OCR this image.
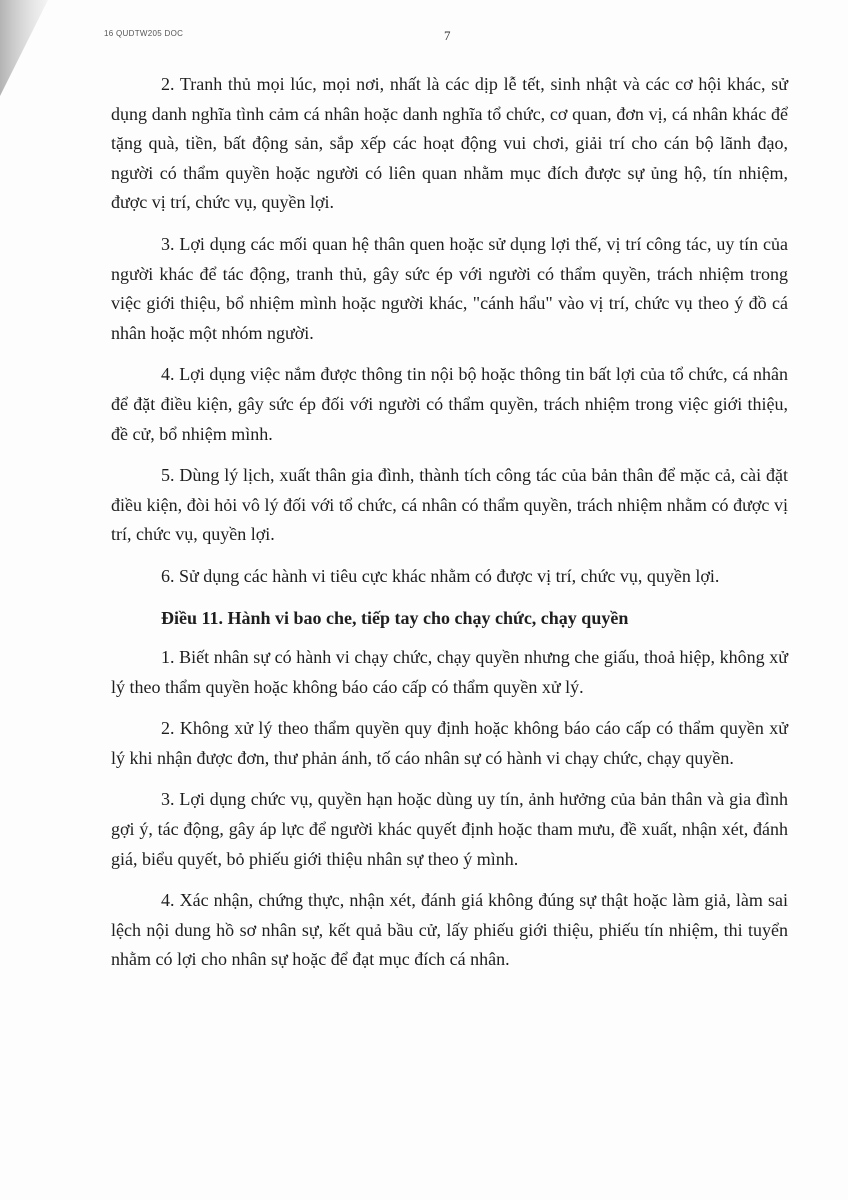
16 QUDTW205 DOC	7

2. Tranh thủ mọi lúc, mọi nơi, nhất là các dịp lễ tết, sinh nhật và các cơ hội khác, sử dụng danh nghĩa tình cảm cá nhân hoặc danh nghĩa tổ chức, cơ quan, đơn vị, cá nhân khác để tặng quà, tiền, bất động sản, sắp xếp các hoạt động vui chơi, giải trí cho cán bộ lãnh đạo, người có thẩm quyền hoặc người có liên quan nhằm mục đích được sự ủng hộ, tín nhiệm, được vị trí, chức vụ, quyền lợi.

3. Lợi dụng các mối quan hệ thân quen hoặc sử dụng lợi thế, vị trí công tác, uy tín của người khác để tác động, tranh thủ, gây sức ép với người có thẩm quyền, trách nhiệm trong việc giới thiệu, bổ nhiệm mình hoặc người khác, "cánh hẩu" vào vị trí, chức vụ theo ý đồ cá nhân hoặc một nhóm người.

4. Lợi dụng việc nắm được thông tin nội bộ hoặc thông tin bất lợi của tổ chức, cá nhân để đặt điều kiện, gây sức ép đối với người có thẩm quyền, trách nhiệm trong việc giới thiệu, đề cử, bổ nhiệm mình.

5. Dùng lý lịch, xuất thân gia đình, thành tích công tác của bản thân để mặc cả, cài đặt điều kiện, đòi hỏi vô lý đối với tổ chức, cá nhân có thẩm quyền, trách nhiệm nhằm có được vị trí, chức vụ, quyền lợi.

6. Sử dụng các hành vi tiêu cực khác nhằm có được vị trí, chức vụ, quyền lợi.

Điều 11. Hành vi bao che, tiếp tay cho chạy chức, chạy quyền

1. Biết nhân sự có hành vi chạy chức, chạy quyền nhưng che giấu, thoả hiệp, không xử lý theo thẩm quyền hoặc không báo cáo cấp có thẩm quyền xử lý.

2. Không xử lý theo thẩm quyền quy định hoặc không báo cáo cấp có thẩm quyền xử lý khi nhận được đơn, thư phản ánh, tố cáo nhân sự có hành vi chạy chức, chạy quyền.

3. Lợi dụng chức vụ, quyền hạn hoặc dùng uy tín, ảnh hưởng của bản thân và gia đình gợi ý, tác động, gây áp lực để người khác quyết định hoặc tham mưu, đề xuất, nhận xét, đánh giá, biểu quyết, bỏ phiếu giới thiệu nhân sự theo ý mình.

4. Xác nhận, chứng thực, nhận xét, đánh giá không đúng sự thật hoặc làm giả, làm sai lệch nội dung hồ sơ nhân sự, kết quả bầu cử, lấy phiếu giới thiệu, phiếu tín nhiệm, thi tuyển nhằm có lợi cho nhân sự hoặc để đạt mục đích cá nhân.
